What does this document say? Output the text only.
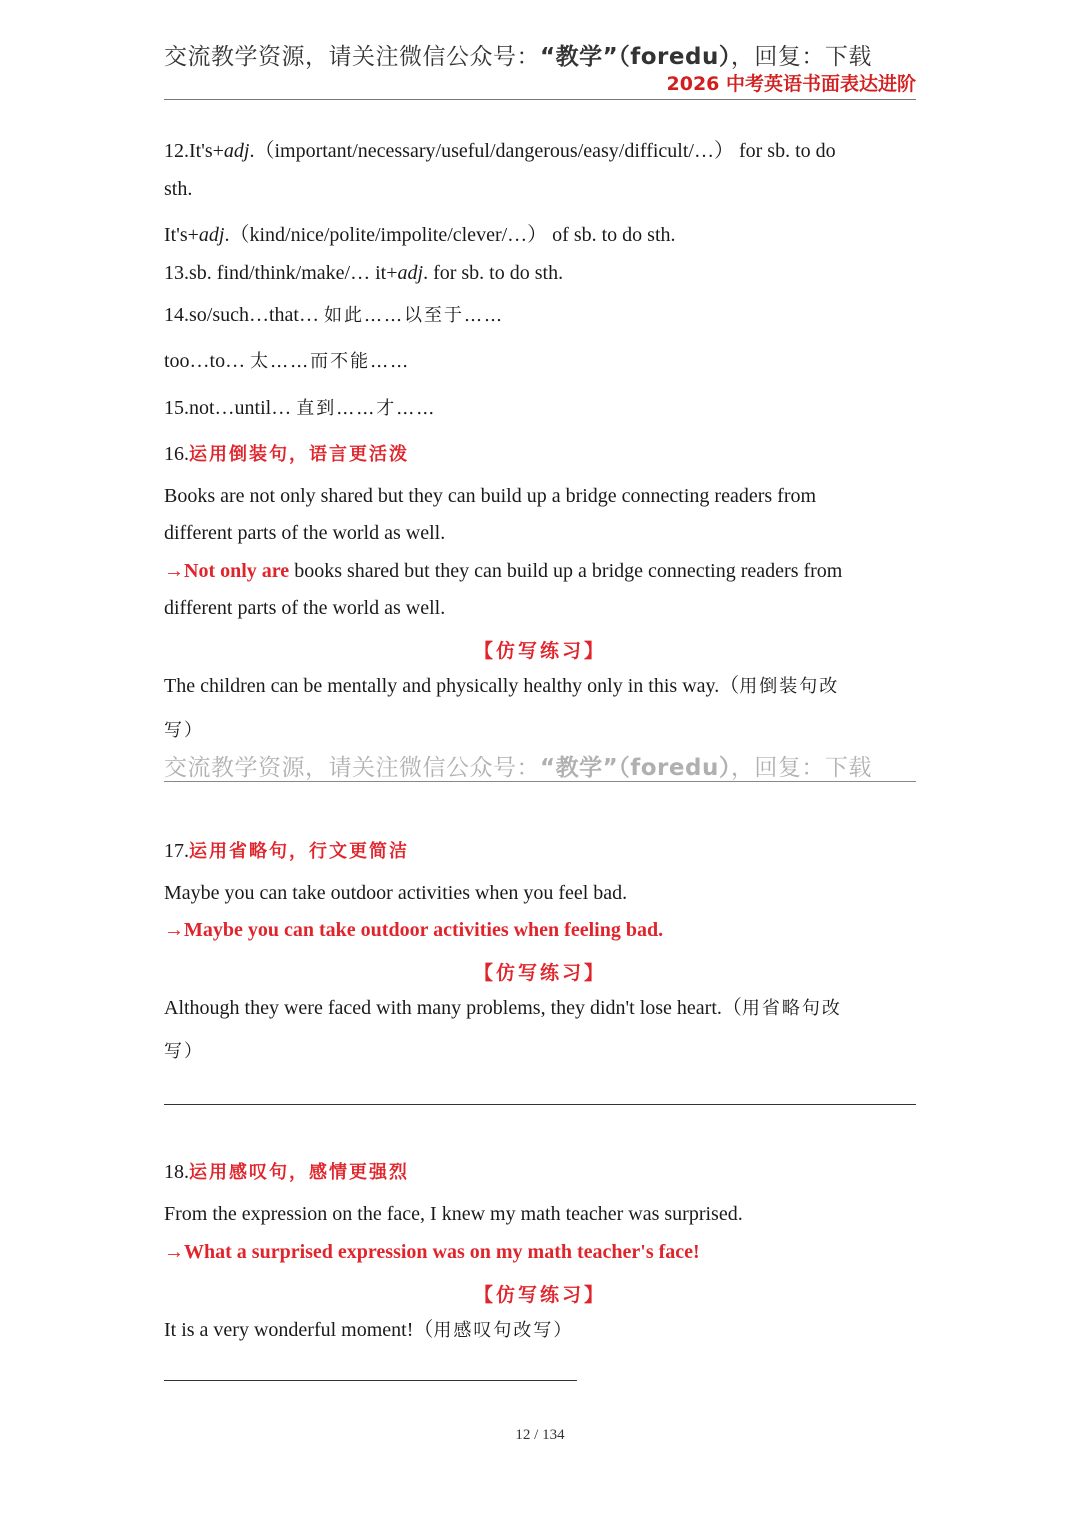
交流教学资源，请关注微信公众号：“教学”（foredu），回复：下载
2026 中考英语书面表达进阶
12.It's+adj.（important/necessary/useful/dangerous/easy/difficult/…） for sb. to do
sth.
It's+adj.（kind/nice/polite/impolite/clever/…） of sb. to do sth.
13.sb. find/think/make/… it+adj. for sb. to do sth.
14.so/such…that… 如此……以至于……
too…to… 太……而不能……
15.not…until… 直到……才……
16.运用倒装句，语言更活泼
Books are not only shared but they can build up a bridge connecting readers from
different parts of the world as well.
→Not only are books shared but they can build up a bridge connecting readers from
different parts of the world as well.
【仿写练习】
The children can be mentally and physically healthy only in this way.（用倒装句改
写）
交流教学资源，请关注微信公众号：“教学”（foredu），回复：下载
17.运用省略句，行文更简洁
Maybe you can take outdoor activities when you feel bad.
→Maybe you can take outdoor activities when feeling bad.
【仿写练习】
Although they were faced with many problems, they didn't lose heart.（用省略句改
写）
18.运用感叹句，感情更强烈
From the expression on the face, I knew my math teacher was surprised.
→What a surprised expression was on my math teacher's face!
【仿写练习】
It is a very wonderful moment!（用感叹句改写）
12 / 134
